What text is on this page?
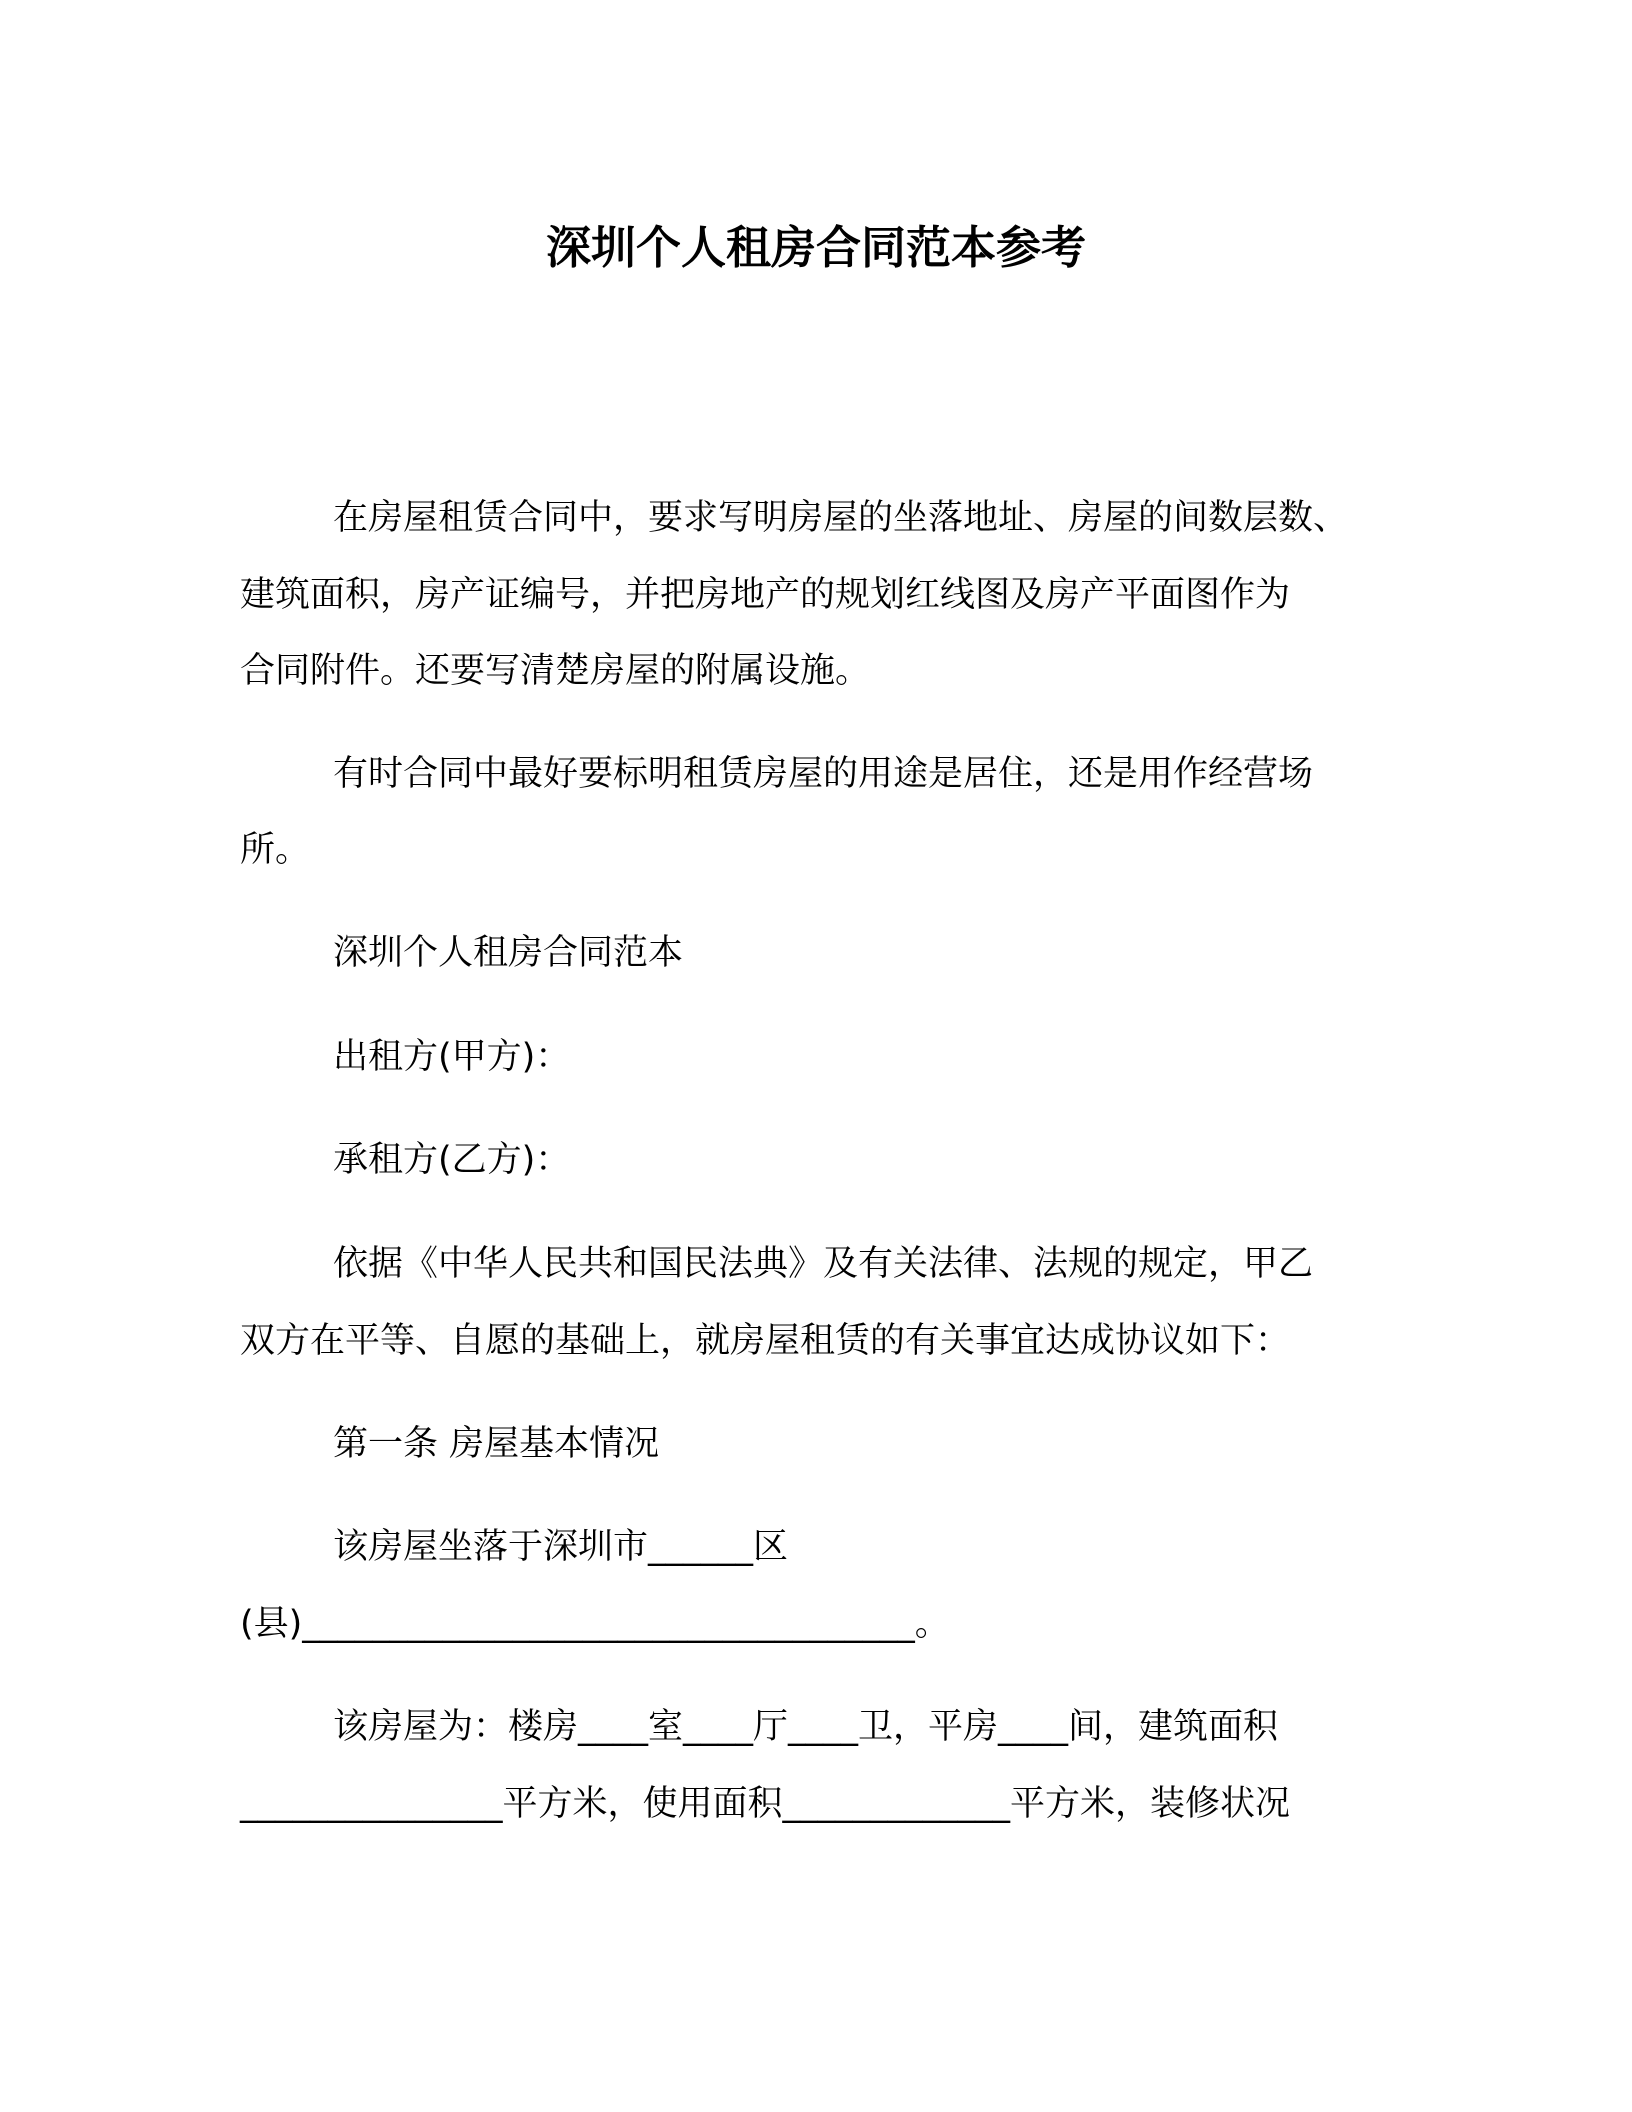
深圳个人租房合同范本参考
在房屋租赁合同中，要求写明房屋的坐落地址、房屋的间数层数、
建筑面积，房产证编号，并把房地产的规划红线图及房产平面图作为
合同附件。还要写清楚房屋的附属设施。
有时合同中最好要标明租赁房屋的用途是居住，还是用作经营场
所。
深圳个人租房合同范本
出租方(甲方)：
承租方(乙方)：
依据《中华人民共和国民法典》及有关法律、法规的规定，甲乙
双方在平等、自愿的基础上，就房屋租赁的有关事宜达成协议如下：
第一条 房屋基本情况
该房屋坐落于深圳市______区
(县)___________________________________。
该房屋为：楼房____室____厅____卫，平房____间，建筑面积
_______________平方米，使用面积_____________平方米，装修状况
